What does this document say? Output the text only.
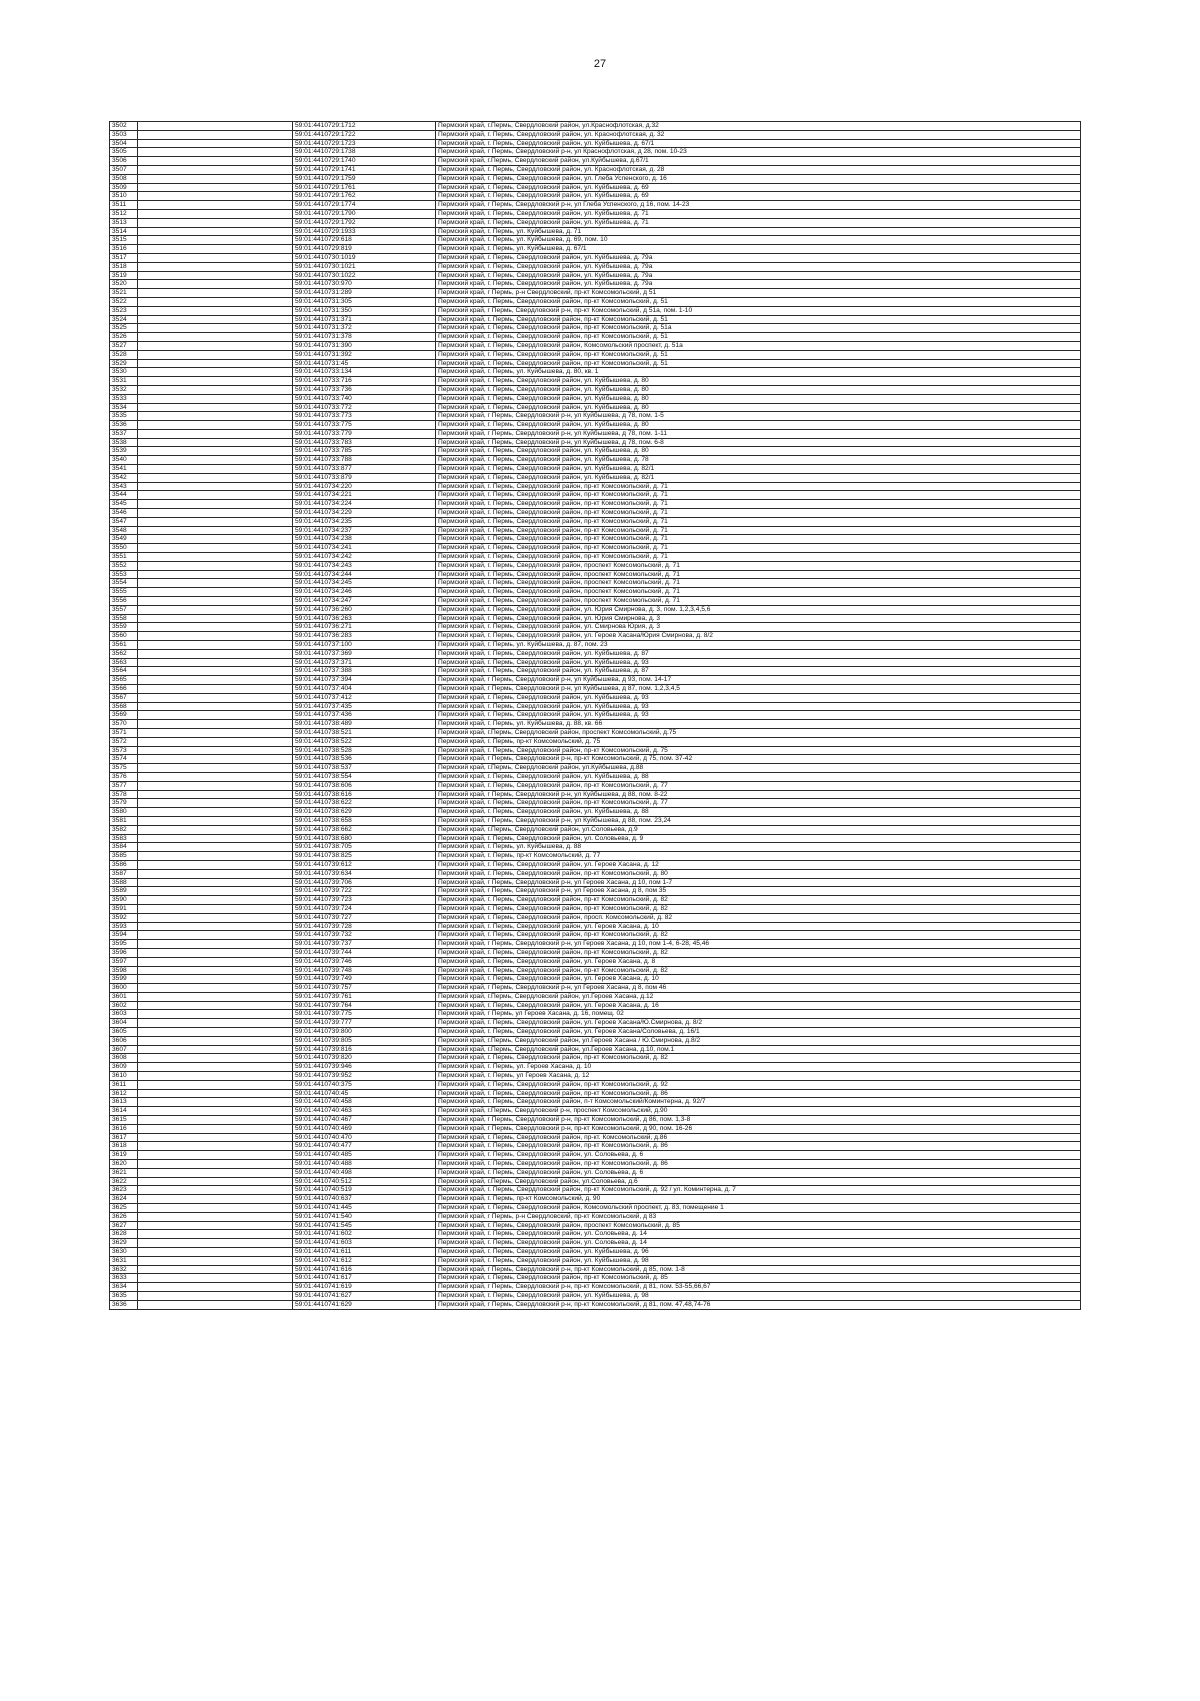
27
3502		59:01:4410729:1712	Пермский край, г.Пермь, Свердловский район, ул.Краснофлотская, д.32
3503		59:01:4410729:1722	Пермский край, г. Пермь, Свердловский район, ул. Краснофлотская, д. 32
3504		59:01:4410729:1723	Пермский край, г. Пермь, Свердловский район, ул. Куйбышева, д. 67/1
3505		59:01:4410729:1738	Пермский край, г Пермь, Свердловский р-н, ул Краснофлотская, д 28, пом. 10-23
3506		59:01:4410729:1740	Пермский край, г.Пермь, Свердловский район, ул.Куйбышева, д.67/1
3507		59:01:4410729:1741	Пермский край, г. Пермь, Свердловский район, ул. Краснофлотская, д. 28
3508		59:01:4410729:1759	Пермский край, г. Пермь, Свердловский район, ул. Глеба Успенского, д. 16
3509		59:01:4410729:1761	Пермский край, г. Пермь, Свердловский район, ул. Куйбышева, д. 69
3510		59:01:4410729:1762	Пермский край, г. Пермь, Свердловский район, ул. Куйбышева, д. 69
3511		59:01:4410729:1774	Пермский край, г Пермь, Свердловский р-н, ул Глеба Успенского, д 16, пом. 14-23
3512		59:01:4410729:1790	Пермский край, г. Пермь, Свердловский район, ул. Куйбышева, д. 71
3513		59:01:4410729:1792	Пермский край, г. Пермь, Свердловский район, ул. Куйбышева, д. 71
3514		59:01:4410729:1933	Пермский край, г. Пермь, ул. Куйбышева, д. 71
3515		59:01:4410729:618	Пермский край, г. Пермь, ул. Куйбышева, д. 69, пом. 10
3516		59:01:4410729:819	Пермский край, г. Пермь, ул. Куйбышева, д. 67/1
3517		59:01:4410730:1019	Пермский край, г. Пермь, Свердловский район, ул. Куйбышева, д. 79а
3518		59:01:4410730:1021	Пермский край, г. Пермь, Свердловский район, ул. Куйбышева, д. 79а
3519		59:01:4410730:1022	Пермский край, г. Пермь, Свердловский район, ул. Куйбышева, д. 79а
3520		59:01:4410730:970	Пермский край, г. Пермь, Свердловский район, ул. Куйбышева, д. 79а
3521		59:01:4410731:289	Пермский край, г Пермь, р-н Свердловский, пр-кт Комсомольский, д 51
3522		59:01:4410731:305	Пермский край, г. Пермь, Свердловский район, пр-кт Комсомольский, д. 51
3523		59:01:4410731:350	Пермский край, г Пермь, Свердловский р-н, пр-кт Комсомольский, д 51а, пом. 1-10
3524		59:01:4410731:371	Пермский край, г. Пермь, Свердловский район, пр-кт Комсомольский, д. 51
3525		59:01:4410731:372	Пермский край, г. Пермь, Свердловский район, пр-кт Комсомольский, д. 51а
3526		59:01:4410731:378	Пермский край, г. Пермь, Свердловский район, пр-кт Комсомольский, д. 51
3527		59:01:4410731:390	Пермский край, г. Пермь, Свердловский район, Комсомольский проспект, д. 51а
3528		59:01:4410731:392	Пермский край, г. Пермь, Свердловский район, пр-кт Комсомольский, д. 51
3529		59:01:4410731:45	Пермский край, г. Пермь, Свердловский район, пр-кт Комсомольский, д. 51
3530		59:01:4410733:134	Пермский край, г. Пермь, ул. Куйбышева, д. 80, кв. 1
3531		59:01:4410733:716	Пермский край, г. Пермь, Свердловский район, ул. Куйбышева, д. 80
3532		59:01:4410733:736	Пермский край, г. Пермь, Свердловский район, ул. Куйбышева, д. 80
3533		59:01:4410733:740	Пермский край, г. Пермь, Свердловский район, ул. Куйбышева, д. 80
3534		59:01:4410733:772	Пермский край, г. Пермь, Свердловский район, ул. Куйбышева, д. 80
3535		59:01:4410733:773	Пермский край, г Пермь, Свердловский р-н, ул Куйбышева, д 78, пом. 1-5
3536		59:01:4410733:775	Пермский край, г. Пермь, Свердловский район, ул. Куйбышева, д. 80
3537		59:01:4410733:779	Пермский край, г Пермь, Свердловский р-н, ул Куйбышева, д 78, пом. 1-11
3538		59:01:4410733:783	Пермский край, г Пермь, Свердловский р-н, ул Куйбышева, д 78, пом. 6-8
3539		59:01:4410733:785	Пермский край, г. Пермь, Свердловский район, ул. Куйбышева, д. 80
3540		59:01:4410733:788	Пермский край, г. Пермь, Свердловский район, ул. Куйбышева, д. 78
3541		59:01:4410733:877	Пермский край, г. Пермь, Свердловский район, ул. Куйбышева, д. 82/1
3542		59:01:4410733:879	Пермский край, г. Пермь, Свердловский район, ул. Куйбышева, д. 82/1
3543		59:01:4410734:220	Пермский край, г. Пермь, Свердловский район, пр-кт Комсомольский, д. 71
3544		59:01:4410734:221	Пермский край, г. Пермь, Свердловский район, пр-кт Комсомольский, д. 71
3545		59:01:4410734:224	Пермский край, г. Пермь, Свердловский район, пр-кт Комсомольский, д. 71
3546		59:01:4410734:229	Пермский край, г. Пермь, Свердловский район, пр-кт Комсомольский, д. 71
3547		59:01:4410734:235	Пермский край, г. Пермь, Свердловский район, пр-кт Комсомольский, д. 71
3548		59:01:4410734:237	Пермский край, г. Пермь, Свердловский район, пр-кт Комсомольский, д. 71
3549		59:01:4410734:238	Пермский край, г. Пермь, Свердловский район, пр-кт Комсомольский, д. 71
3550		59:01:4410734:241	Пермский край, г. Пермь, Свердловский район, пр-кт Комсомольский, д. 71
3551		59:01:4410734:242	Пермский край, г. Пермь, Свердловский район, пр-кт Комсомольский, д. 71
3552		59:01:4410734:243	Пермский край, г. Пермь, Свердловский район, проспект Комсомольский, д. 71
3553		59:01:4410734:244	Пермский край, г. Пермь, Свердловский район, проспект Комсомольский, д. 71
3554		59:01:4410734:245	Пермский край, г. Пермь, Свердловский район, проспект Комсомольский, д. 71
3555		59:01:4410734:246	Пермский край, г. Пермь, Свердловский район, проспект Комсомольский, д. 71
3556		59:01:4410734:247	Пермский край, г. Пермь, Свердловский район, проспект Комсомольский, д. 71
3557		59:01:4410736:260	Пермский край, г. Пермь, Свердловский район, ул. Юрия Смирнова, д. 3, пом. 1,2,3,4,5,6
3558		59:01:4410736:263	Пермский край, г. Пермь, Свердловский район, ул. Юрия Смирнова, д. 3
3559		59:01:4410736:271	Пермский край, г. Пермь, Свердловский район, ул. Смирнова Юрия, д. 3
3560		59:01:4410736:283	Пермский край, г. Пермь, Свердловский район, ул. Героев Хасана/Юрия Смирнова, д. 8/2
3561		59:01:4410737:100	Пермский край, г. Пермь, ул. Куйбышева, д. 87, пом. 23
3562		59:01:4410737:369	Пермский край, г. Пермь, Свердловский район, ул. Куйбышева, д. 87
3563		59:01:4410737:371	Пермский край, г. Пермь, Свердловский район, ул. Куйбышева, д. 93
3564		59:01:4410737:388	Пермский край, г. Пермь, Свердловский район, ул. Куйбышева, д. 87
3565		59:01:4410737:394	Пермский край, г Пермь, Свердловский р-н, ул Куйбышева, д 93, пом. 14-17
3566		59:01:4410737:404	Пермский край, г Пермь, Свердловский р-н, ул Куйбышева, д 87, пом. 1,2,3,4,5
3567		59:01:4410737:412	Пермский край, г. Пермь, Свердловский район, ул. Куйбышева, д. 93
3568		59:01:4410737:435	Пермский край, г. Пермь, Свердловский район, ул. Куйбышева, д. 93
3569		59:01:4410737:436	Пермский край, г. Пермь, Свердловский район, ул. Куйбышева, д. 93
3570		59:01:4410738:489	Пермский край, г. Пермь, ул. Куйбышева, д. 88, кв. 66
3571		59:01:4410738:521	Пермский край, г.Пермь, Свердловский район, проспект Комсомольский, д.75
3572		59:01:4410738:522	Пермский край, г. Пермь, пр-кт Комсомольский, д. 75
3573		59:01:4410738:528	Пермский край, г. Пермь, Свердловский район, пр-кт Комсомольский, д. 75
3574		59:01:4410738:536	Пермский край, г Пермь, Свердловский р-н, пр-кт Комсомольский, д 75, пом. 37-42
3575		59:01:4410738:537	Пермский край, г.Пермь, Свердловский район, ул.Куйбышева, д.88
3576		59:01:4410738:554	Пермский край, г. Пермь, Свердловский район, ул. Куйбышева, д. 88
3577		59:01:4410738:606	Пермский край, г. Пермь, Свердловский район, пр-кт Комсомольский, д. 77
3578		59:01:4410738:616	Пермский край, г Пермь, Свердловский р-н, ул Куйбышева, д 88, пом. 8-22
3579		59:01:4410738:622	Пермский край, г. Пермь, Свердловский район, пр-кт Комсомольский, д. 77
3580		59:01:4410738:629	Пермский край, г. Пермь, Свердловский район, ул. Куйбышева, д. 88
3581		59:01:4410738:658	Пермский край, г Пермь, Свердловский р-н, ул Куйбышева, д 88, пом. 23,24
3582		59:01:4410738:662	Пермский край, г.Пермь, Свердловский район, ул.Соловьева, д.9
3583		59:01:4410738:680	Пермский край, г. Пермь, Свердловский район, ул. Соловьева, д. 9
3584		59:01:4410738:705	Пермский край, г. Пермь, ул. Куйбышева, д. 88
3585		59:01:4410738:825	Пермский край, г. Пермь, пр-кт Комсомольский, д. 77
3586		59:01:4410739:612	Пермский край, г. Пермь, Свердловский район, ул. Героев Хасана, д. 12
3587		59:01:4410739:634	Пермский край, г. Пермь, Свердловский район, пр-кт Комсомольский, д. 80
3588		59:01:4410739:706	Пермский край, г Пермь, Свердловский р-н, ул Героев Хасана, д 10, пом 1-7
3589		59:01:4410739:722	Пермский край, г Пермь, Свердловский р-н, ул Героев Хасана, д 8, пом 35
3590		59:01:4410739:723	Пермский край, г. Пермь, Свердловский район, пр-кт Комсомольский, д. 82
3591		59:01:4410739:724	Пермский край, г. Пермь, Свердловский район, пр-кт Комсомольский, д. 82
3592		59:01:4410739:727	Пермский край, г. Пермь, Свердловский район, просп. Комсомольский, д. 82
3593		59:01:4410739:728	Пермский край, г. Пермь, Свердловский район, ул. Героев Хасана, д. 10
3594		59:01:4410739:732	Пермский край, г. Пермь, Свердловский район, пр-кт Комсомольский, д. 82
3595		59:01:4410739:737	Пермский край, г Пермь, Свердловский р-н, ул Героев Хасана, д 10, пом 1-4, 6-28, 45,46
3596		59:01:4410739:744	Пермский край, г. Пермь, Свердловский район, пр-кт Комсомольский, д. 82
3597		59:01:4410739:746	Пермский край, г. Пермь, Свердловский район, ул. Героев Хасана, д. 8
3598		59:01:4410739:748	Пермский край, г. Пермь, Свердловский район, пр-кт Комсомольский, д. 82
3599		59:01:4410739:749	Пермский край, г. Пермь, Свердловский район, ул. Героев Хасана, д. 10
3600		59:01:4410739:757	Пермский край, г Пермь, Свердловский р-н, ул Героев Хасана, д 8, пом 46
3601		59:01:4410739:761	Пермский край, г.Пермь, Свердловский район, ул.Героев Хасана, д.12
3602		59:01:4410739:764	Пермский край, г. Пермь, Свердловский район, ул. Героев Хасана, д. 16
3603		59:01:4410739:775	Пермский край, г Пермь, ул Героев Хасана, д. 16, помещ. 02
3604		59:01:4410739:777	Пермский край, г. Пермь, Свердловский район, ул. Героев Хасана/Ю.Смирнова, д. 8/2
3605		59:01:4410739:800	Пермский край, г. Пермь, Свердловский район, ул. Героев Хасана/Соловьева, д. 16/1
3606		59:01:4410739:805	Пермский край, г.Пермь, Свердловский район, ул.Героев Хасана / Ю.Смирнова, д.8/2
3607		59:01:4410739:816	Пермский край, г.Пермь, Свердловский район, ул.Героев Хасана, д.10, пом.1
3608		59:01:4410739:820	Пермский край, г. Пермь, Свердловский район, пр-кт Комсомольский, д. 82
3609		59:01:4410739:946	Пермский край, г. Пермь, ул. Героев Хасана, д. 10
3610		59:01:4410739:952	Пермский край, г. Пермь, ул Героев Хасана, д. 12
3611		59:01:4410740:375	Пермский край, г. Пермь, Свердловский район, пр-кт Комсомольский, д. 92
3612		59:01:4410740:45	Пермский край, г. Пермь, Свердловский район, пр-кт Комсомольский, д. 86
3613		59:01:4410740:458	Пермский край, г. Пермь, Свердловский район, п-т Комсомольский/Коминтерна, д. 92/7
3614		59:01:4410740:463	Пермский край, г.Пермь, Свердловский р-н, проспект Комсомольский, д.90
3615		59:01:4410740:467	Пермский край, г Пермь, Свердловский р-н, пр-кт Комсомольский, д 86, пом. 1,3-8
3616		59:01:4410740:469	Пермский край, г Пермь, Свердловский р-н, пр-кт Комсомольский, д 90, пом. 16-26
3617		59:01:4410740:470	Пермский край, г. Пермь, Свердловский район, пр-кт. Комсомольский, д.86
3618		59:01:4410740:477	Пермский край, г. Пермь, Свердловский район, пр-кт Комсомольский, д. 86
3619		59:01:4410740:485	Пермский край, г. Пермь, Свердловский район, ул. Соловьева, д. 6
3620		59:01:4410740:488	Пермский край, г. Пермь, Свердловский район, пр-кт Комсомольский, д. 86
3621		59:01:4410740:498	Пермский край, г. Пермь, Свердловский район, ул. Соловьева, д. 6
3622		59:01:4410740:512	Пермский край, г.Пермь, Свердловский район, ул.Соловьева, д.6
3623		59:01:4410740:519	Пермский край, г. Пермь, Свердловский район, пр-кт Комсомольский, д. 92 / ул. Коминтерна, д. 7
3624		59:01:4410740:637	Пермский край, г. Пермь, пр-кт Комсомольский, д. 90
3625		59:01:4410741:445	Пермский край, г. Пермь, Свердловский район, Комсомольский проспект, д. 83, помещение 1
3626		59:01:4410741:540	Пермский край, г Пермь, р-н Свердловский, пр-кт Комсомольский, д 83
3627		59:01:4410741:545	Пермский край, г. Пермь, Свердловский район, проспект Комсомольский, д. 85
3628		59:01:4410741:602	Пермский край, г. Пермь, Свердловский район, ул. Соловьева, д. 14
3629		59:01:4410741:603	Пермский край, г. Пермь, Свердловский район, ул. Соловьева, д. 14
3630		59:01:4410741:611	Пермский край, г. Пермь, Свердловский район, ул. Куйбышева, д. 96
3631		59:01:4410741:612	Пермский край, г. Пермь, Свердловский район, ул. Куйбышева, д. 98
3632		59:01:4410741:616	Пермский край, г Пермь, Свердловский р-н, пр-кт Комсомольский, д 85, пом. 1-8
3633		59:01:4410741:617	Пермский край, г. Пермь, Свердловский район, пр-кт Комсомольский, д. 85
3634		59:01:4410741:619	Пермский край, г Пермь, Свердловский р-н, пр-кт Комсомольский, д 81, пом. 53-55,66,67
3635		59:01:4410741:627	Пермский край, г. Пермь, Свердловский район, ул. Куйбышева, д. 98
3636		59:01:4410741:629	Пермский край, г Пермь, Свердловский р-н, пр-кт Комсомольский, д 81, пом. 47,48,74-76
